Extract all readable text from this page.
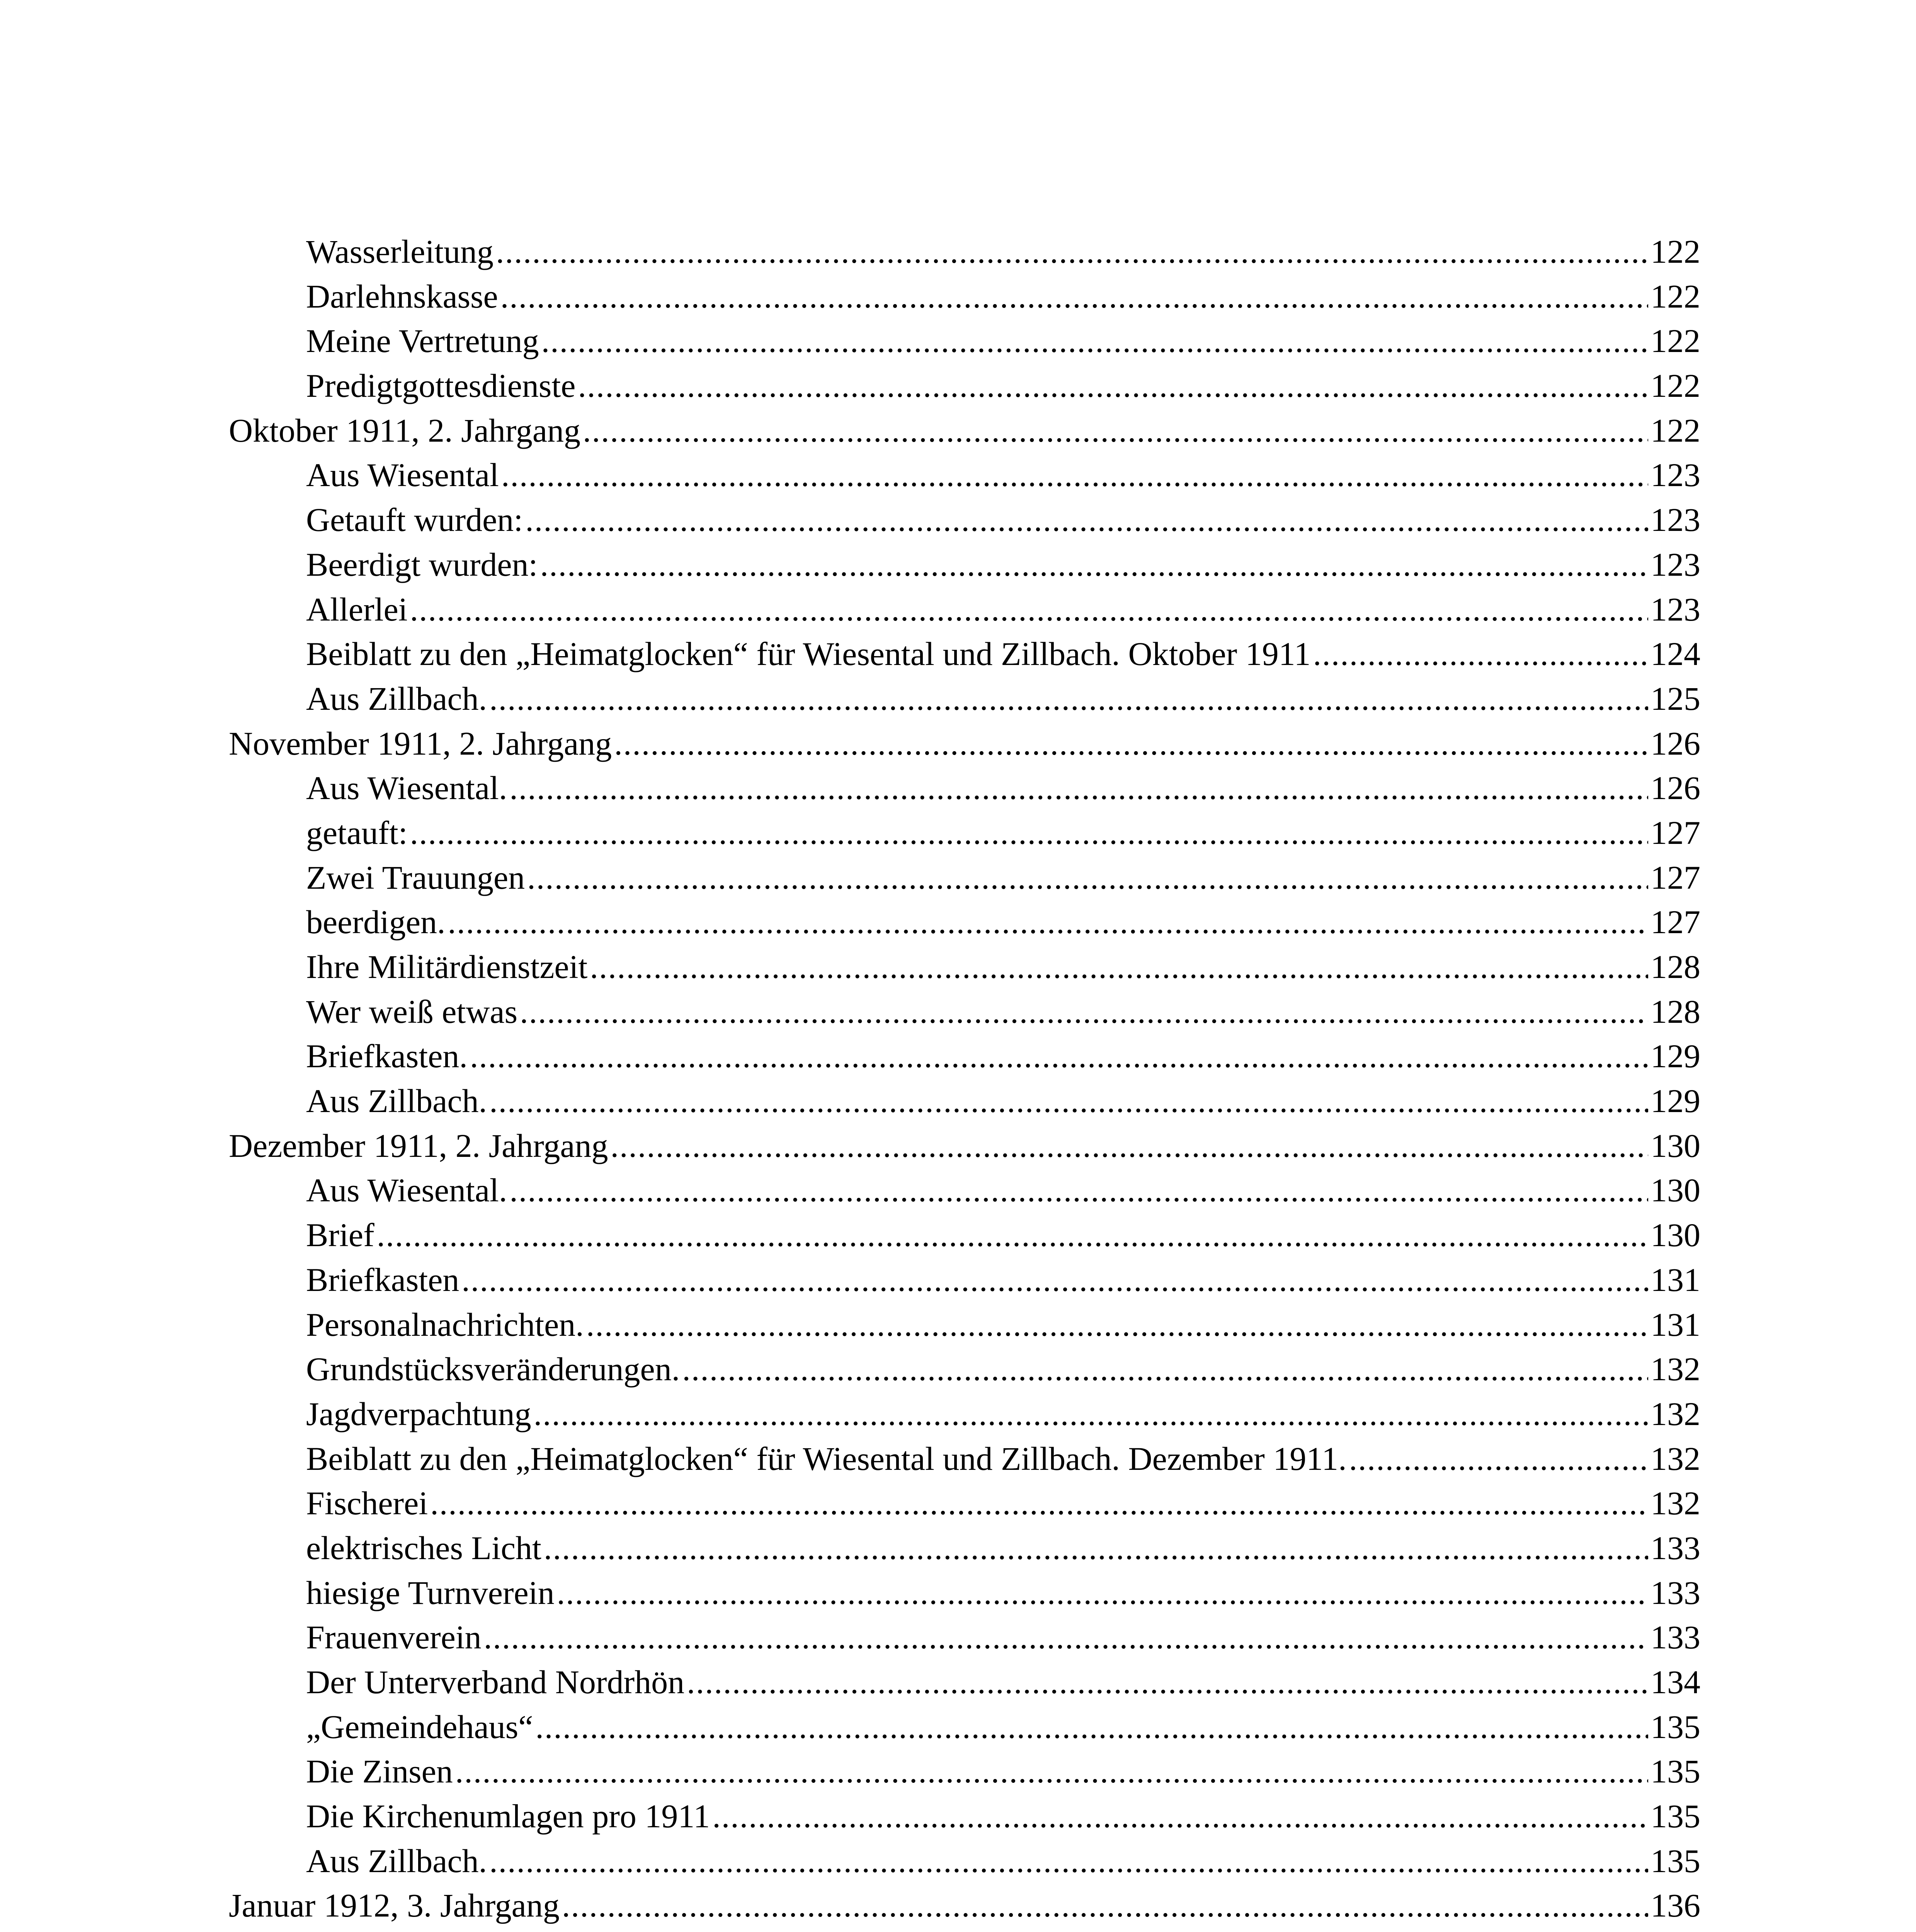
Wasserleitung .....	122
Darlehnskasse .....	122
Meine Vertretung .....	122
Predigtgottesdienste .....	122
Oktober 1911, 2. Jahrgang .....	122
Aus Wiesental .....	123
Getauft wurden: .....	123
Beerdigt wurden: .....	123
Allerlei .....	123
Beiblatt zu den „Heimatglocken“ für Wiesental und Zillbach. Oktober 1911 .....	124
Aus Zillbach. .....	125
November 1911, 2. Jahrgang .....	126
Aus Wiesental. .....	126
getauft: .....	127
Zwei Trauungen .....	127
beerdigen. .....	127
Ihre Militärdienstzeit .....	128
Wer weiß etwas .....	128
Briefkasten. .....	129
Aus Zillbach. .....	129
Dezember 1911, 2. Jahrgang .....	130
Aus Wiesental. .....	130
Brief .....	130
Briefkasten .....	131
Personalnachrichten. .....	131
Grundstücksveränderungen. .....	132
Jagdverpachtung .....	132
Beiblatt zu den „Heimatglocken“ für Wiesental und Zillbach. Dezember 1911. .....	132
Fischerei .....	132
elektrisches Licht .....	133
hiesige Turnverein .....	133
Frauenverein .....	133
Der Unterverband Nordrhön .....	134
„Gemeindehaus“ .....	135
Die Zinsen .....	135
Die Kirchenumlagen pro 1911 .....	135
Aus Zillbach. .....	135
Januar 1912, 3. Jahrgang .....	136
.....
